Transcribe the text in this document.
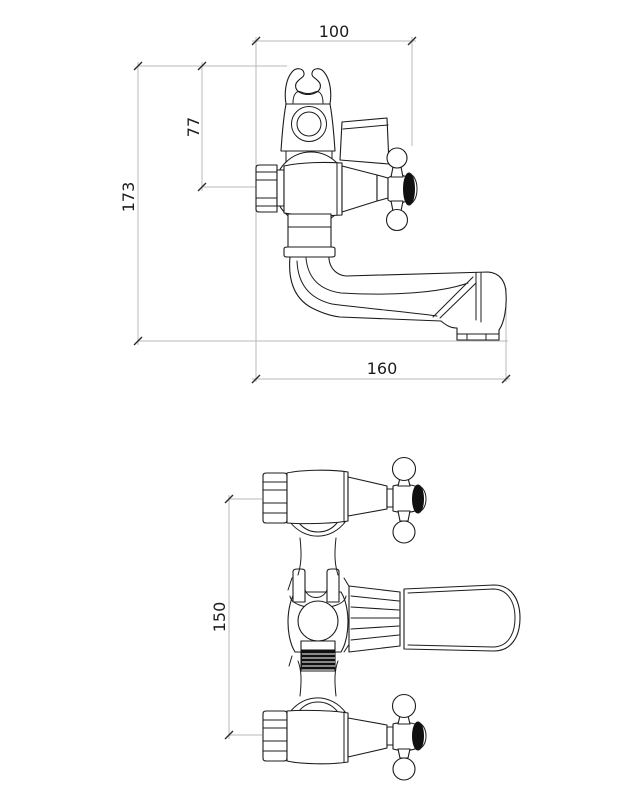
100
77
173
160
150
